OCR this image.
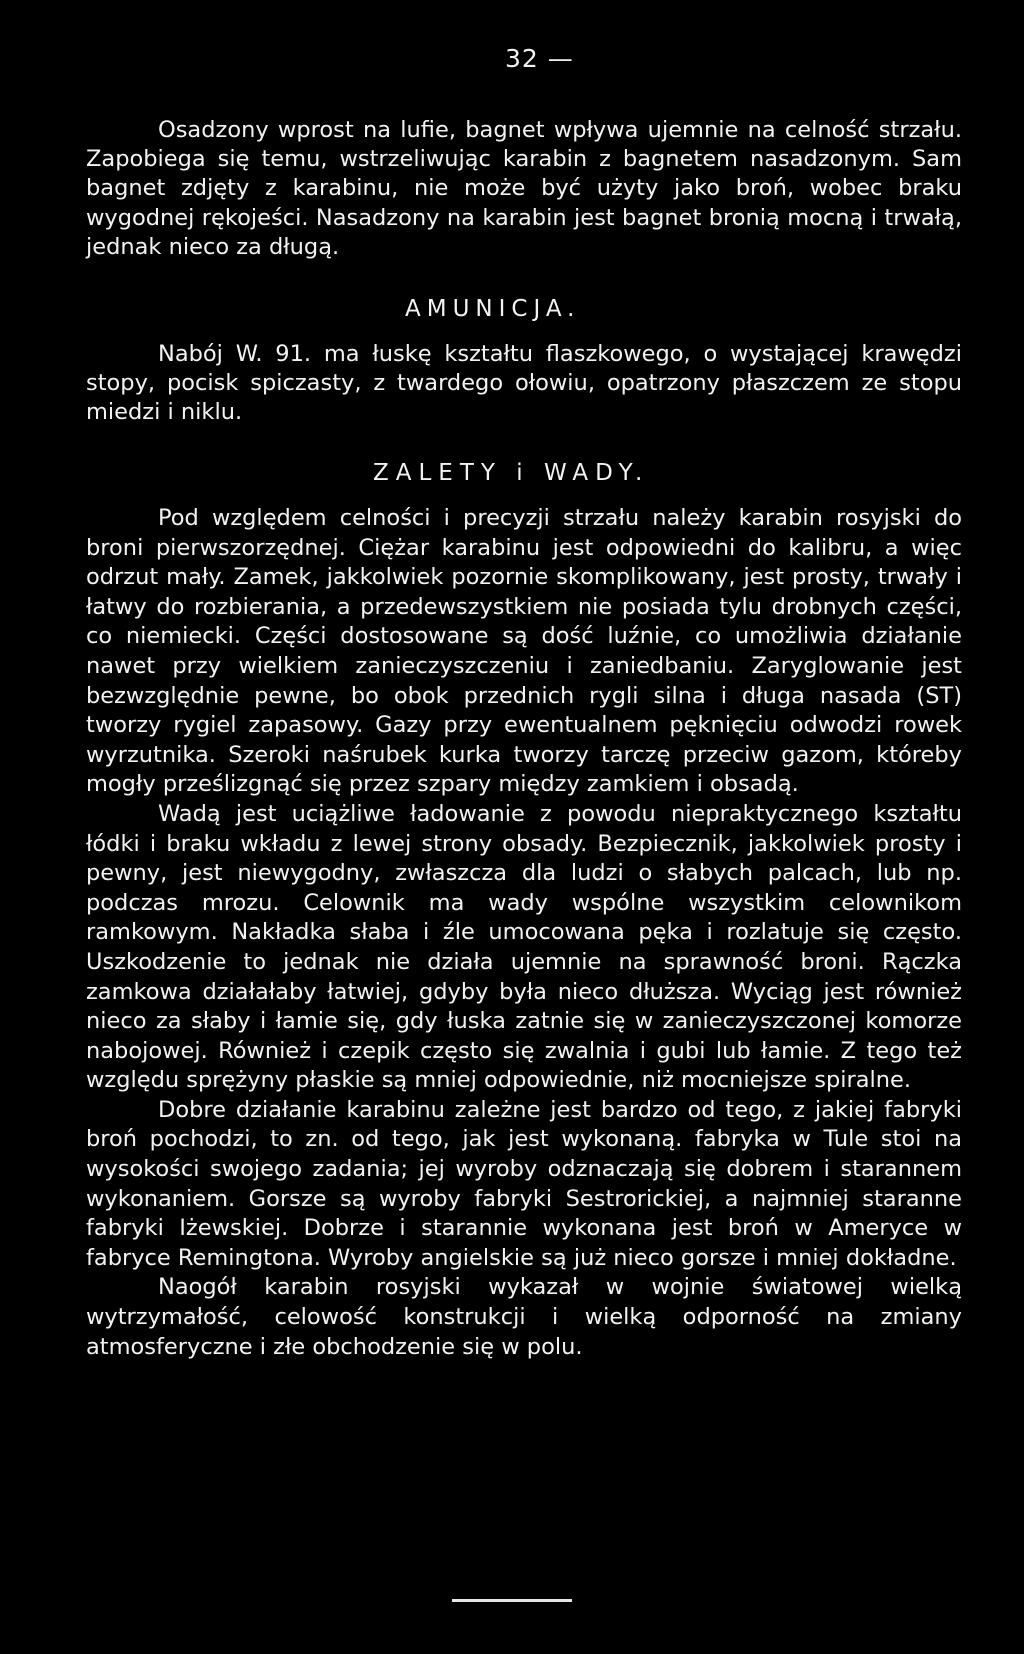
32 —

Osadzony wprost na lufie, bagnet wpływa ujemnie na celność strzału. Zapobiega się temu, wstrzeliwując karabin z bagnetem nasadzonym. Sam bagnet zdjęty z karabinu, nie może być użyty jako broń, wobec braku wygodnej rękojeści. Nasadzony na karabin jest bagnet bronią mocną i trwałą, jednak nieco za długą.

AMUNICJA.

Nabój W. 91. ma łuskę kształtu flaszkowego, o wystającej krawędzi stopy, pocisk spiczasty, z twardego ołowiu, opatrzony płaszczem ze stopu miedzi i niklu.

ZALETY i WADY.

Pod względem celności i precyzji strzału należy karabin rosyjski do broni pierwszorzędnej. Ciężar karabinu jest odpowiedni do kalibru, a więc odrzut mały. Zamek, jakkolwiek pozornie skomplikowany, jest prosty, trwały i łatwy do rozbierania, a przedewszystkiem nie posiada tylu drobnych części, co niemiecki. Części dostosowane są dość luźnie, co umożliwia działanie nawet przy wielkiem zanieczyszczeniu i zaniedbaniu. Zaryglowanie jest bezwzględnie pewne, bo obok przednich rygli silna i długa nasada (ST) tworzy rygiel zapasowy. Gazy przy ewentualnem pęknięciu odwodzi rowek wyrzutnika. Szeroki naśrubek kurka tworzy tarczę przeciw gazom, któreby mogły prześlizgnąć się przez szpary między zamkiem i obsadą.

Wadą jest uciążliwe ładowanie z powodu niepraktycznego kształtu łódki i braku wkładu z lewej strony obsady. Bezpiecznik, jakkolwiek prosty i pewny, jest niewygodny, zwłaszcza dla ludzi o słabych palcach, lub np. podczas mrozu. Celownik ma wady wspólne wszystkim celownikom ramkowym. Nakładka słaba i źle umocowana pęka i rozlatuje się często. Uszkodzenie to jednak nie działa ujemnie na sprawność broni. Rączka zamkowa działałaby łatwiej, gdyby była nieco dłuższa. Wyciąg jest również nieco za słaby i łamie się, gdy łuska zatnie się w zanieczyszczonej komorze nabojowej. Również i czepik często się zwalnia i gubi lub łamie. Z tego też względu sprężyny płaskie są mniej odpowiednie, niż mocniejsze spiralne.

Dobre działanie karabinu zależne jest bardzo od tego, z jakiej fabryki broń pochodzi, to zn. od tego, jak jest wykonaną. fabryka w Tule stoi na wysokości swojego zadania; jej wyroby odznaczają się dobrem i starannem wykonaniem. Gorsze są wyroby fabryki Sestrorickiej, a najmniej staranne fabryki Iżewskiej. Dobrze i starannie wykonana jest broń w Ameryce w fabryce Remingtona. Wyroby angielskie są już nieco gorsze i mniej dokładne.

Naogół karabin rosyjski wykazał w wojnie światowej wielką wytrzymałość, celowość konstrukcji i wielką odporność na zmiany atmosferyczne i złe obchodzenie się w polu.
